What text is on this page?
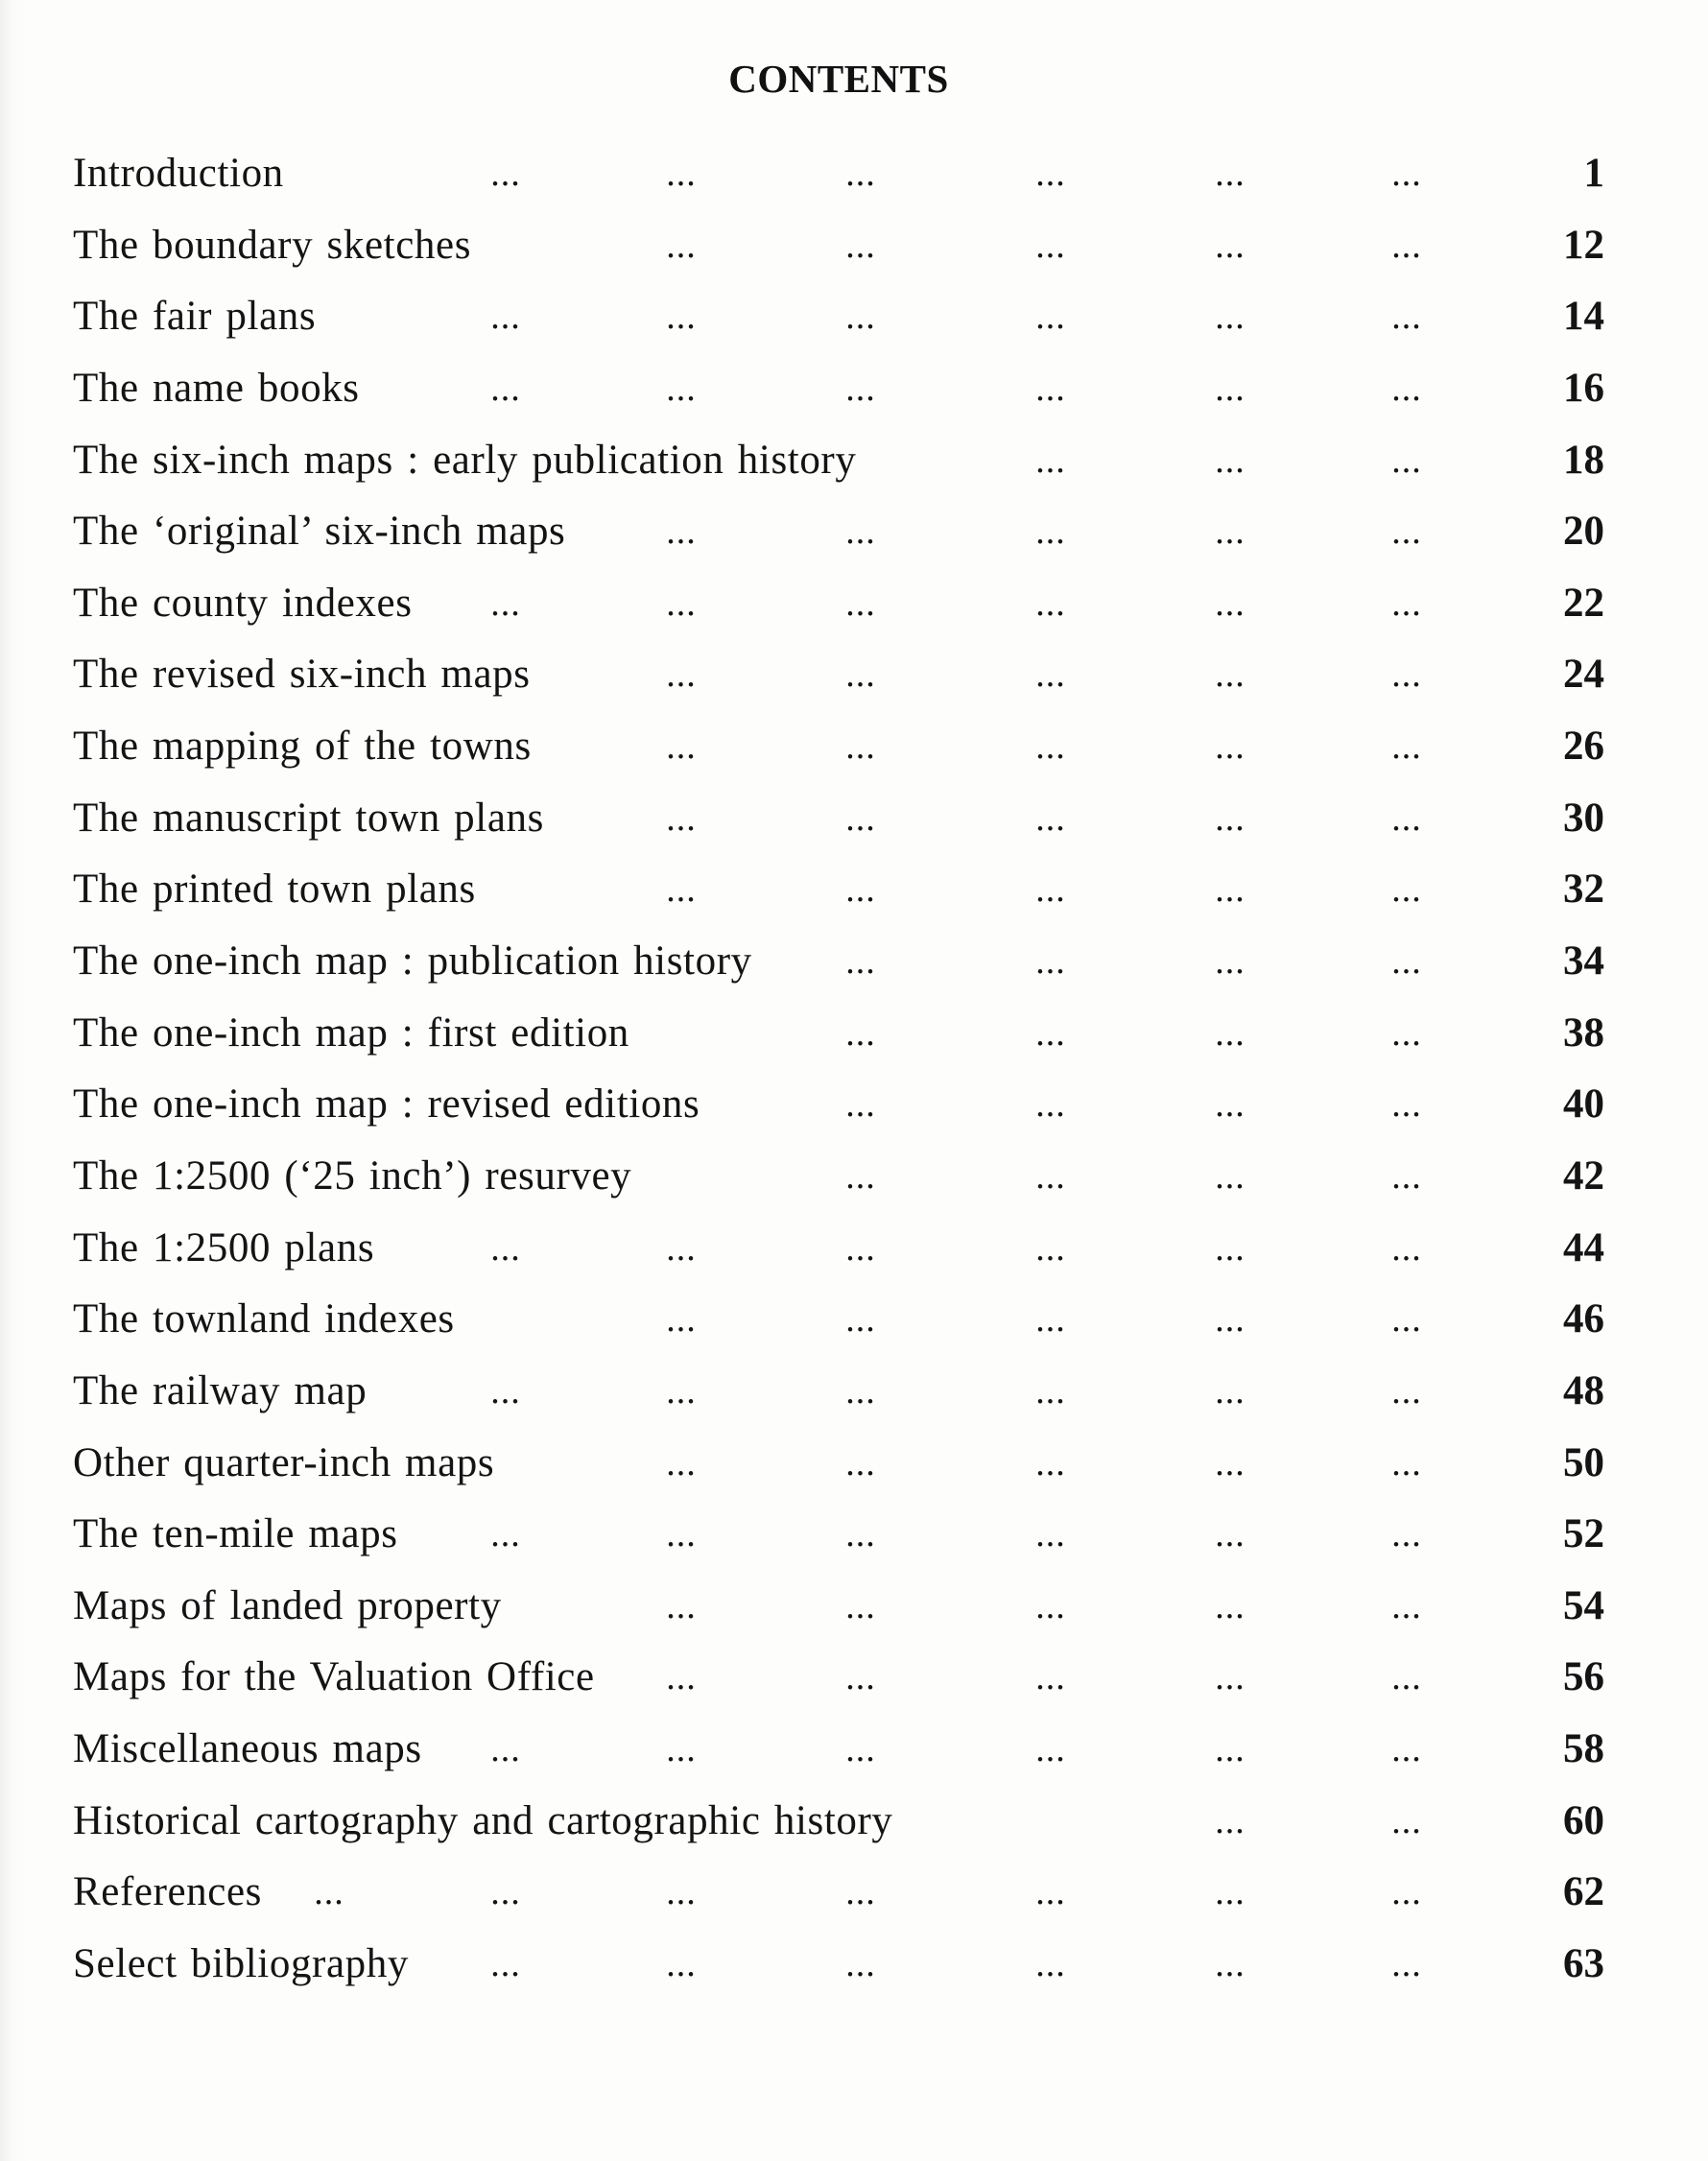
CONTENTS
Introduction	...	...	...	...	...	...	1
The boundary sketches	...	...	...	...	...	12
The fair plans	...	...	...	...	...	...	14
The name books	...	...	...	...	...	...	16
The six-inch maps : early publication history	...	...	...	18
The ‘original’ six-inch maps	...	...	...	...	...	20
The county indexes	...	...	...	...	...	...	22
The revised six-inch maps	...	...	...	...	...	24
The mapping of the towns	...	...	...	...	...	26
The manuscript town plans	...	...	...	...	...	30
The printed town plans	...	...	...	...	...	32
The one-inch map : publication history	...	...	...	...	34
The one-inch map : first edition	...	...	...	...	38
The one-inch map : revised editions	...	...	...	...	40
The 1:2500 (‘25 inch’) resurvey	...	...	...	...	42
The 1:2500 plans	...	...	...	...	...	...	44
The townland indexes	...	...	...	...	...	46
The railway map	...	...	...	...	...	...	48
Other quarter-inch maps	...	...	...	...	...	50
The ten-mile maps	...	...	...	...	...	...	52
Maps of landed property	...	...	...	...	...	54
Maps for the Valuation Office	...	...	...	...	...	56
Miscellaneous maps	...	...	...	...	...	...	58
Historical cartography and cartographic history	...	...	60
References	...	...	...	...	...	...	...	62
Select bibliography	...	...	...	...	...	...	63
